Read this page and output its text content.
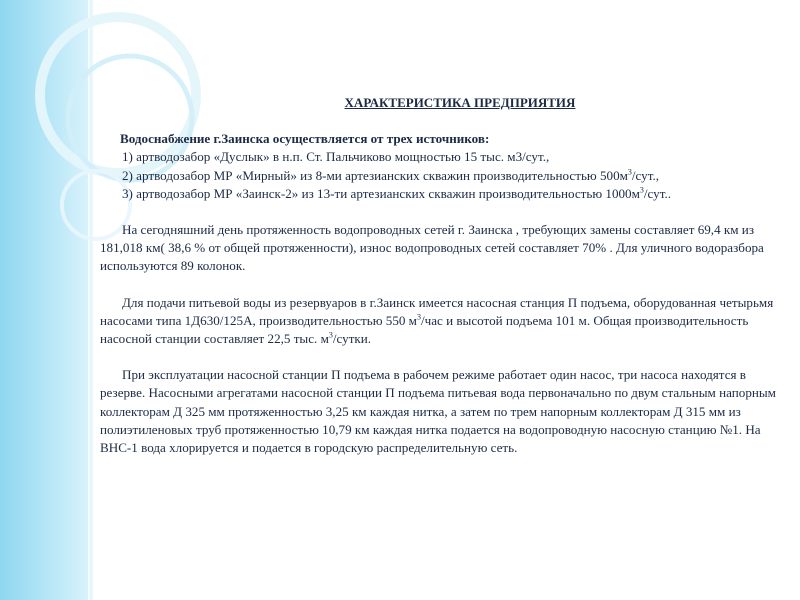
ХАРАКТЕРИСТИКА ПРЕДПРИЯТИЯ

Водоснабжение г.Заинска осуществляется от трех источников:

1) артводозабор «Дуслык» в н.п. Ст. Пальчиково мощностью 15 тыс. м3/сут.,

2) артводозабор МР «Мирный» из 8-ми артезианских скважин производительностью $500м^3$/сут.,

3) артводозабор МР «Заинск-2» из 13-ти артезианских скважин производительностью $1000м^3$/сут..

На сегодняшний день протяженность водопроводных сетей г. Заинска , требующих замены составляет 69,4 км из 181,018 км( 38,6 % от общей протяженности), износ водопроводных сетей составляет 70% . Для уличного водоразбора используются 89 колонок.

Для подачи питьевой воды из резервуаров в г.Заинск имеется насосная станция П подъема, оборудованная четырьмя насосами типа 1Д630/125А, производительностью 550 $м^3$/час и высотой подъема 101 м. Общая производительность насосной станции составляет 22,5 тыс. $м^3$/сутки.

При эксплуатации насосной станции П подъема в рабочем режиме работает один насос, три насоса находятся в резерве. Насосными агрегатами насосной станции П подъема питьевая вода первоначально по двум стальным напорным коллекторам Д 325 мм протяженностью 3,25 км каждая нитка, а затем по трем напорным коллекторам Д 315 мм из полиэтиленовых труб протяженностью 10,79 км каждая нитка подается на водопроводную насосную станцию №1. На ВНС-1 вода хлорируется и подается в городскую распределительную сеть.
